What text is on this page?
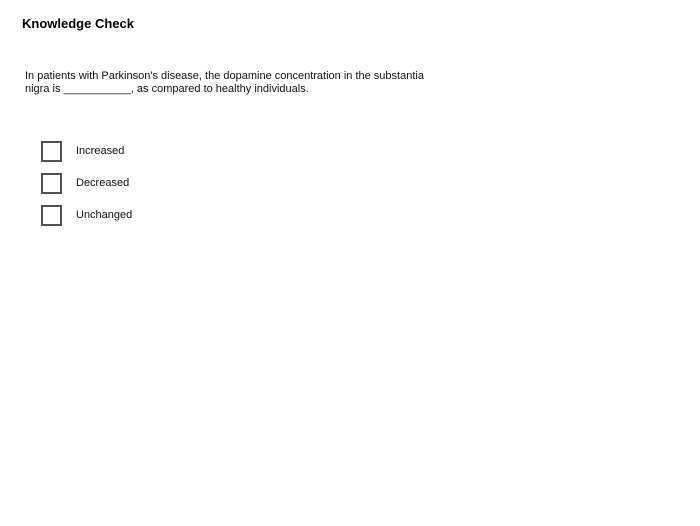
Knowledge Check
In patients with Parkinson's disease, the dopamine concentration in the substantia
nigra is ___________, as compared to healthy individuals.
Increased
Decreased
Unchanged
